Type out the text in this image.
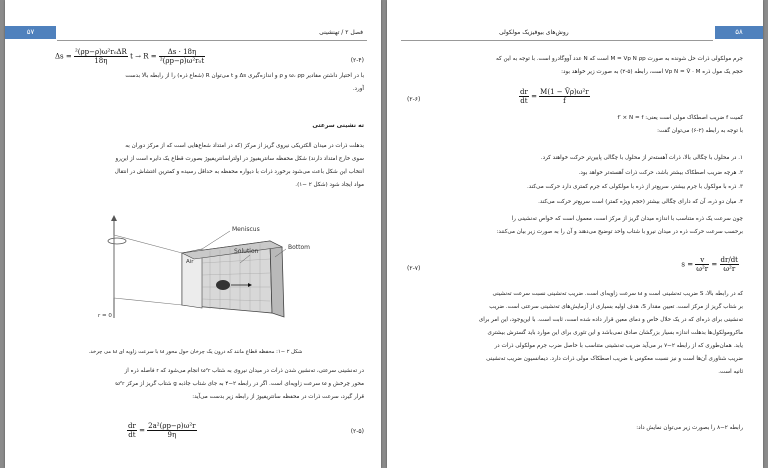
۵۷	فصل ۲ / تهنشینی
$\Delta s = \frac{\text{²(ρp−ρ)ω²r₀ΔR}}{18\eta}$ $t \to R = \frac{\Delta s \cdot 18\eta}{\text{²(ρp−ρ)ω²r₀t}}$	(۲-۴)
با در اختیار داشتن مقادیر ω، ρp و ρ و اندازه‌گیری Δs و t می‌توان R (شعاع ذره) را از رابطه بالا بدست
آورد.
ته نشینی سرعتی
بدهلت ذرات در میدان الکتریکی نیروی گریز از مرکز (که در امتداد شعاع‌هایی است که از مرکز دوران به
سوی خارج امتداد دارند) شکل محفظه سانتریفیوژ در اولتراسانتریفیوژ بصورت قطاع یک دایره است از این‌رو
انتخاب این شکل باعث می‌شود برخورد ذرات با دیواره محفظه به حداقل رسیده و کمترین اغتشاش در انتقال
مواد ایجاد شود (شکل ۲ −۱).
Meniscus
Solution
Bottom
Air
r = 0
شکل ۲ −۱: محفظه قطاع مانند که درون یک چرخان حول محور ω با سرعت زاویه ای ω می چرخد.
در ته‌نشینی سرعتی، ته‌نشین شدن ذرات در میدان نیروی به شتاب ω²r انجام می‌شود که r فاصله ذره از
محور چرخش و ω سرعت زاویه‌ای است. اگر در رابطه ۲−۴ به جای شتاب جاذبه g شتاب گریز از مرکز ω²r
قرار گیرد، سرعت ذرات در محفظه سانتریفیوژ از رابطه زیر بدست می‌آید:
$\frac{dr}{dt} = \frac{\text{2a²(ρp−ρ)ω²r}}{9\eta}$	(۲-۵)
۵۸
روش‌های بیوفیزیک مولکولی
جرم مولکولی ذرات حل شونده به صورت M = Vp N ρp است که N عدد آووگادرو است. با توجه به این که
حجم یک مول ذره Vp N = V̄ · M است، رابطه (۵-۲) به صورت زیر خواهد بود:
$\frac{dr}{dt} = \frac{\text{M(1 − V̄ρ)ω²r}}{f}$
(۲-۶)
کمیت f ضریب اصطکاک مولی است یعنی: f′ × N = f
با توجه به رابطه (۲-۶) می‌توان گفت:
۱. در محلول با چگالی بالا، ذرات آهسته‌تر از محلول با چگالی پایین‌تر حرکت خواهند کرد.
۲. هرچه ضریب اصطکاک بیشتر باشد، حرکت ذرات آهسته‌تر خواهد بود.
۳. ذره با مولکول با جرم بیشتر، سریع‌تر از ذره با مولکولی که جرم کمتری دارد حرکت می‌کند.
۴. میان دو ذره، آن که دارای چگالی بیشتر (حجم ویژه کمتر) است سریع‌تر حرکت می‌کند.
چون سرعت یک ذره متناسب با اندازه میدان گریز از مرکز است، معمول است که خواص ته‌نشینی را
برحسب سرعت حرکت ذره در میدان نیرو با شتاب واحد توضیح می‌دهند و آن را به صورت زیر بیان می‌کنند:
$s = \frac{v}{\text{ω²r}} = \frac{dr/dt}{\text{ω²r}}$
(۲-۷)
که در رابطه بالا، S ضریب ته‌نشینی است و ω سرعت زاویه‌ای است. ضریب ته‌نشینی نسبت سرعت ته‌نشینی
بر شتاب گریز از مرکز است. تعیین مقدار S، هدف اولیه بسیاری از آزمایش‌های ته‌نشینی سرعتی است. ضریب
ته‌نشینی برای ذره‌ای که در یک حلال خاص و دمای معین قرار داده شده است، ثابت است. با این‌وجود، این امر برای
ماکرومولکول‌ها بدهلت اندازه بسیار بزرگشان صادق نمی‌باشد و این تئوری برای این موارد باید گسترش بیشتری
یابد. همان‌طوری که از رابطه ۲−۷ بر می‌آید ضریب ته‌نشینی متناسب با حاصل ضرب جرم مولکولی ذرات در
ضریب شناوری آن‌ها است و نیز نسبت معکوس با ضریب اصطکاک مولی ذرات دارد. دیمانسیون ضریب ته‌نشینی
ثانیه است.
رابطه ۲−۸ را بصورت زیر می‌توان نمایش داد:
